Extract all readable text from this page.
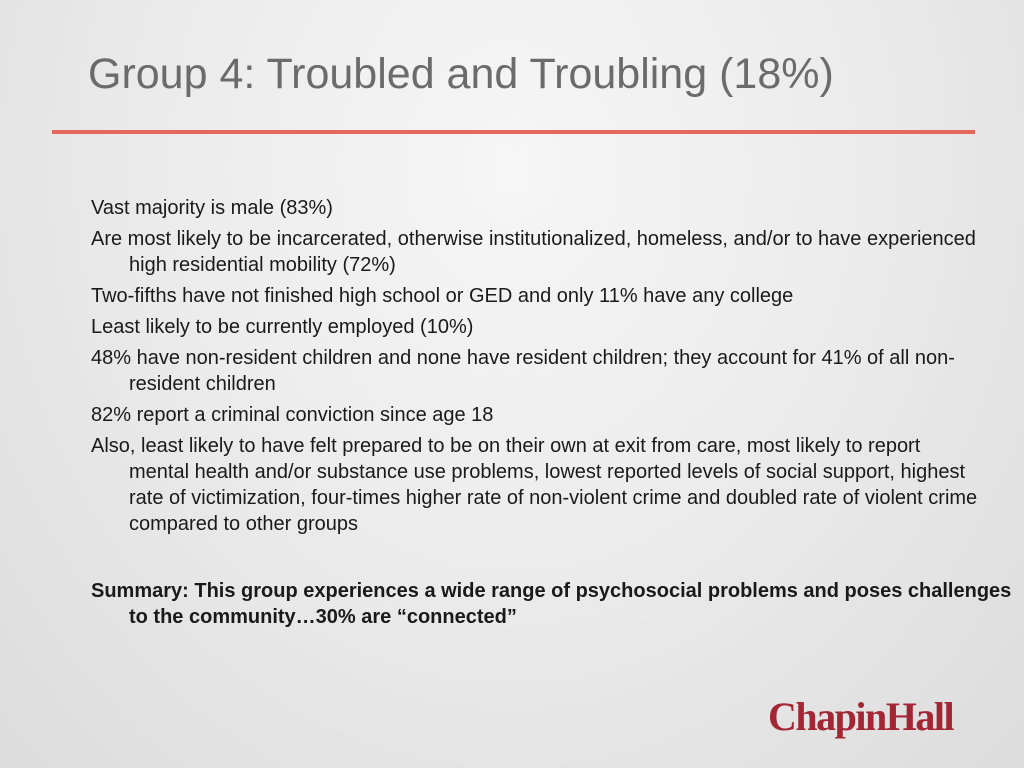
Group 4: Troubled and Troubling (18%)
Vast majority is male (83%)
Are most likely to be incarcerated, otherwise institutionalized, homeless, and/or to have experienced high residential mobility (72%)
Two-fifths have not finished high school or GED and only 11% have any college
Least likely to be currently employed (10%)
48% have non-resident children and none have resident children; they account for 41% of all non-resident children
82% report a criminal conviction since age 18
Also, least likely to have felt prepared to be on their own at exit from care, most likely to report mental health and/or substance use problems, lowest reported levels of social support, highest rate of victimization, four-times higher rate of non-violent crime and doubled rate of violent crime compared to other groups

Summary: This group experiences a wide range of psychosocial problems and poses challenges to the community…30% are “connected”

ChapinHall
